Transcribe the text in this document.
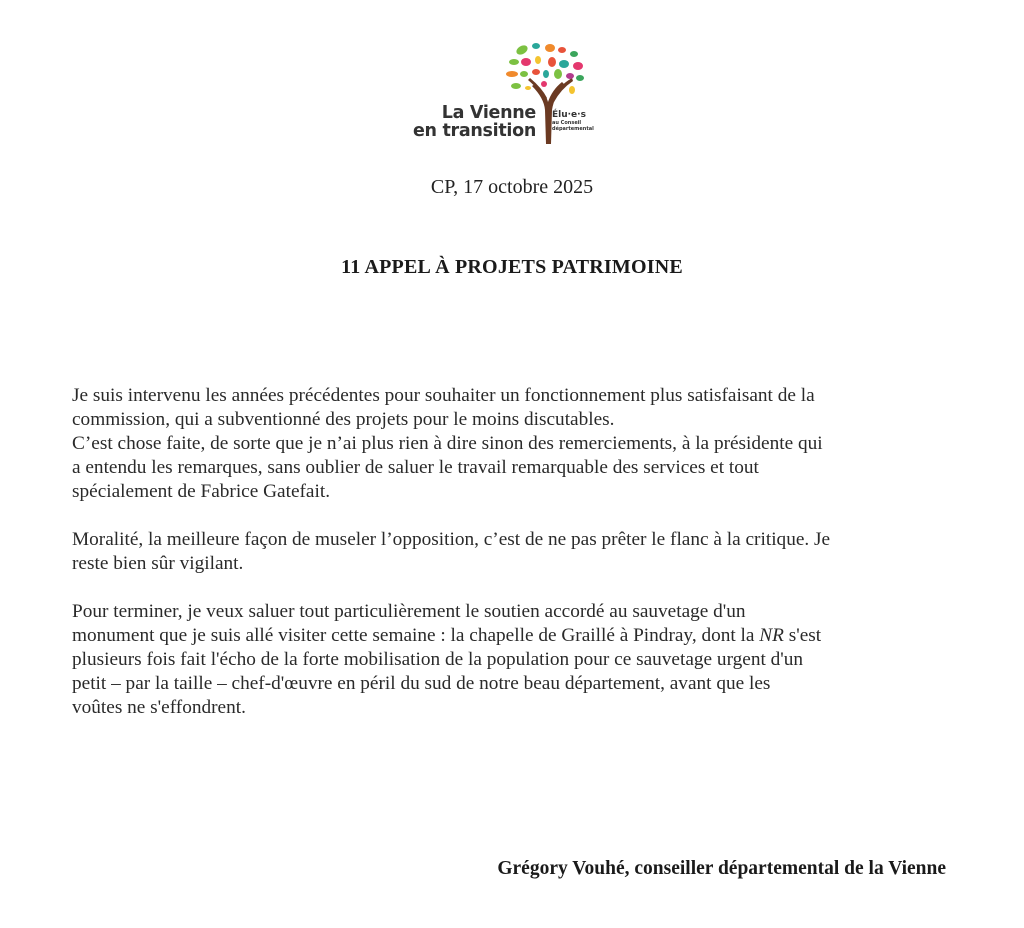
La Vienne
en transition
Élu·e·s
au Conseil
départemental
CP, 17 octobre 2025
11 APPEL À PROJETS PATRIMOINE

Je suis intervenu les années précédentes pour souhaiter un fonctionnement plus satisfaisant de la
commission, qui a subventionné des projets pour le moins discutables.
C’est chose faite, de sorte que je n’ai plus rien à dire sinon des remerciements, à la présidente qui
a entendu les remarques, sans oublier de saluer le travail remarquable des services et tout
spécialement de Fabrice Gatefait.

Moralité, la meilleure façon de museler l’opposition, c’est de ne pas prêter le flanc à la critique. Je
reste bien sûr vigilant.

Pour terminer, je veux saluer tout particulièrement le soutien accordé au sauvetage d'un
monument que je suis allé visiter cette semaine : la chapelle de Graillé à Pindray, dont la NR s'est
plusieurs fois fait l'écho de la forte mobilisation de la population pour ce sauvetage urgent d'un
petit – par la taille – chef-d'œuvre en péril du sud de notre beau département, avant que les
voûtes ne s'effondrent.

Grégory Vouhé, conseiller départemental de la Vienne
